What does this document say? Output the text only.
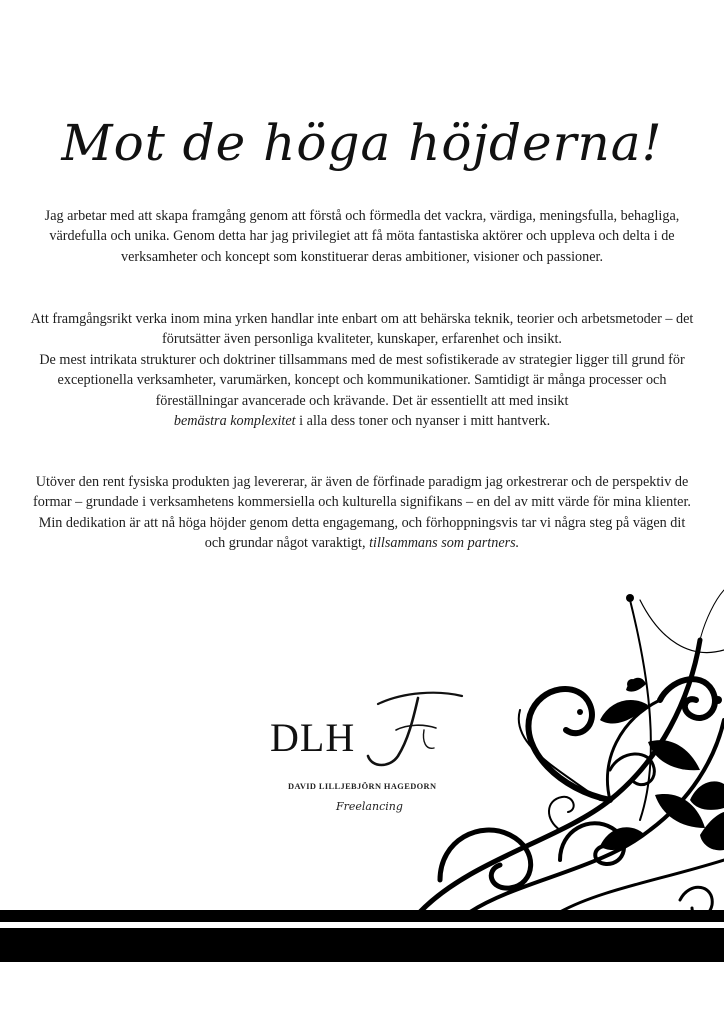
Mot de höga höjderna!

Jag arbetar med att skapa framgång genom att förstå och förmedla det vackra, värdiga, meningsfulla, behagliga, värdefulla och unika. Genom detta har jag privilegiet att få möta fantastiska aktörer och uppleva och delta i de verksamheter och koncept som konstituerar deras ambitioner, visioner och passioner.

Att framgångsrikt verka inom mina yrken handlar inte enbart om att behärska teknik, teorier och arbetsmetoder – det förutsätter även personliga kvaliteter, kunskaper, erfarenhet och insikt.
De mest intrikata strukturer och doktriner tillsammans med de mest sofistikerade av strategier ligger till grund för exceptionella verksamheter, varumärken, koncept och kommunikationer. Samtidigt är många processer och föreställningar avancerade och krävande. Det är essentiellt att med insikt
bemästra komplexitet i alla dess toner och nyanser i mitt hantverk.

Utöver den rent fysiska produkten jag levererar, är även de förfinade paradigm jag orkestrerar och de perspektiv de formar – grundade i verksamhetens kommersiella och kulturella signifikans – en del av mitt värde för mina klienter. Min dedikation är att nå höga höjder genom detta engagemang, och förhoppningsvis tar vi några steg på vägen dit och grundar något varaktigt, tillsammans som partners.

DLH
DAVID LILLJEBJÖRN HAGEDORN
Freelancing
